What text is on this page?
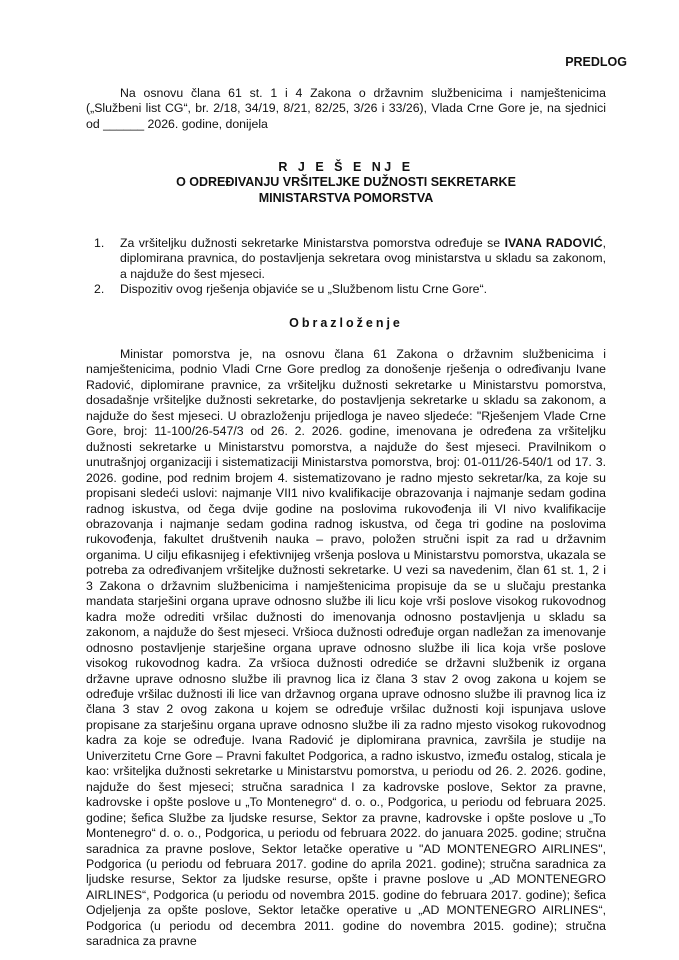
PREDLOG

Na osnovu člana 61 st. 1 i 4 Zakona o državnim službenicima i namještenicima („Službeni list CG“, br. 2/18, 34/19, 8/21, 82/25, 3/26 i 33/26), Vlada Crne Gore je, na sjednici od ______ 2026. godine, donijela

R J E Š E NJ E
O ODREĐIVANJU VRŠITELJKE DUŽNOSTI SEKRETARKE
MINISTARSTVA POMORSTVA
1. Za vršiteljku dužnosti sekretarke Ministarstva pomorstva određuje se IVANA RADOVIĆ, diplomirana pravnica, do postavljenja sekretara ovog ministarstva u skladu sa zakonom, a najduže do šest mjeseci.
2. Dispozitiv ovog rješenja objaviće se u „Službenom listu Crne Gore“.
Obrazloženje

Ministar pomorstva je, na osnovu člana 61 Zakona o državnim službenicima i namještenicima, podnio Vladi Crne Gore predlog za donošenje rješenja o određivanju Ivane Radović, diplomirane pravnice, za vršiteljku dužnosti sekretarke u Ministarstvu pomorstva, dosadašnje vršiteljke dužnosti sekretarke, do postavljenja sekretarke u skladu sa zakonom, a najduže do šest mjeseci. U obrazloženju prijedloga je naveo sljedeće: "Rješenjem Vlade Crne Gore, broj: 11-100/26-547/3 od 26. 2. 2026. godine, imenovana je određena za vršiteljku dužnosti sekretarke u Ministarstvu pomorstva, a najduže do šest mjeseci. Pravilnikom o unutrašnjoj organizaciji i sistematizaciji Ministarstva pomorstva, broj: 01-011/26-540/1 od 17. 3. 2026. godine, pod rednim brojem 4. sistematizovano je radno mjesto sekretar/ka, za koje su propisani sledeći uslovi: najmanje VII1 nivo kvalifikacije obrazovanja i najmanje sedam godina radnog iskustva, od čega dvije godine na poslovima rukovođenja ili VI nivo kvalifikacije obrazovanja i najmanje sedam godina radnog iskustva, od čega tri godine na poslovima rukovođenja, fakultet društvenih nauka – pravo, položen stručni ispit za rad u državnim organima. U cilju efikasnijeg i efektivnijeg vršenja poslova u Ministarstvu pomorstva, ukazala se potreba za određivanjem vršiteljke dužnosti sekretarke. U vezi sa navedenim, član 61 st. 1, 2 i 3 Zakona o državnim službenicima i namještenicima propisuje da se u slučaju prestanka mandata starješini organa uprave odnosno službe ili licu koje vrši poslove visokog rukovodnog kadra može odrediti vršilac dužnosti do imenovanja odnosno postavljenja u skladu sa zakonom, a najduže do šest mjeseci. Vršioca dužnosti određuje organ nadležan za imenovanje odnosno postavljenje starješine organa uprave odnosno službe ili lica koja vrše poslove visokog rukovodnog kadra. Za vršioca dužnosti odrediće se državni službenik iz organa državne uprave odnosno službe ili pravnog lica iz člana 3 stav 2 ovog zakona u kojem se određuje vršilac dužnosti ili lice van državnog organa uprave odnosno službe ili pravnog lica iz člana 3 stav 2 ovog zakona u kojem se određuje vršilac dužnosti koji ispunjava uslove propisane za starješinu organa uprave odnosno službe ili za radno mjesto visokog rukovodnog kadra za koje se određuje. Ivana Radović je diplomirana pravnica, završila je studije na Univerzitetu Crne Gore – Pravni fakultet Podgorica, a radno iskustvo, između ostalog, sticala je kao: vršiteljka dužnosti sekretarke u Ministarstvu pomorstva, u periodu od 26. 2. 2026. godine, najduže do šest mjeseci; stručna saradnica I za kadrovske poslove, Sektor za pravne, kadrovske i opšte poslove u „To Montenegro“ d. o. o., Podgorica, u periodu od februara 2025. godine; šefica Službe za ljudske resurse, Sektor za pravne, kadrovske i opšte poslove u „To Montenegro“ d. o. o., Podgorica, u periodu od februara 2022. do januara 2025. godine; stručna saradnica za pravne poslove, Sektor letačke operative u "AD MONTENEGRO AIRLINES", Podgorica (u periodu od februara 2017. godine do aprila 2021. godine); stručna saradnica za ljudske resurse, Sektor za ljudske resurse, opšte i pravne poslove u „AD MONTENEGRO AIRLINES“, Podgorica (u periodu od novembra 2015. godine do februara 2017. godine); šefica Odjeljenja za opšte poslove, Sektor letačke operative u „AD MONTENEGRO AIRLINES“, Podgorica (u periodu od decembra 2011. godine do novembra 2015. godine); stručna saradnica za pravne
